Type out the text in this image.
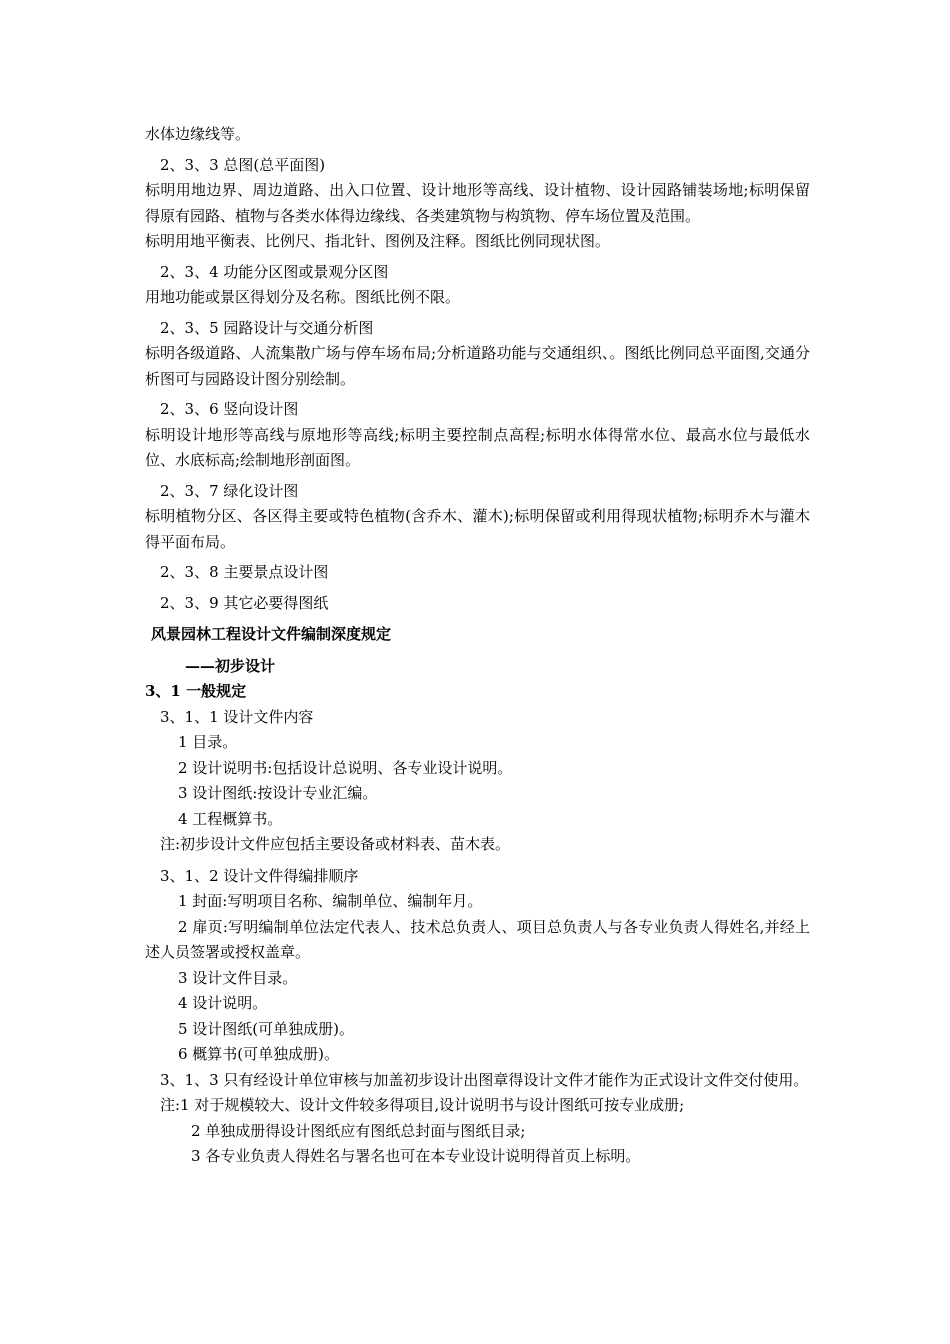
水体边缘线等。
2、3、3 总图(总平面图)
标明用地边界、周边道路、出入口位置、设计地形等高线、设计植物、设计园路铺装场地;标明保留得原有园路、植物与各类水体得边缘线、各类建筑物与构筑物、停车场位置及范围。
标明用地平衡表、比例尺、指北针、图例及注释。图纸比例同现状图。
2、3、4 功能分区图或景观分区图
用地功能或景区得划分及名称。图纸比例不限。
2、3、5 园路设计与交通分析图
标明各级道路、人流集散广场与停车场布局;分析道路功能与交通组织、。图纸比例同总平面图,交通分析图可与园路设计图分别绘制。
2、3、6 竖向设计图
标明设计地形等高线与原地形等高线;标明主要控制点高程;标明水体得常水位、最高水位与最低水位、水底标高;绘制地形剖面图。
2、3、7 绿化设计图
标明植物分区、各区得主要或特色植物(含乔木、灌木);标明保留或利用得现状植物;标明乔木与灌木得平面布局。
2、3、8 主要景点设计图
2、3、9 其它必要得图纸
风景园林工程设计文件编制深度规定
——初步设计
3、1 一般规定
3、1、1 设计文件内容
1 目录。
2 设计说明书:包括设计总说明、各专业设计说明。
3 设计图纸:按设计专业汇编。
4 工程概算书。
注:初步设计文件应包括主要设备或材料表、苗木表。
3、1、2 设计文件得编排顺序
1 封面:写明项目名称、编制单位、编制年月。
2 扉页:写明编制单位法定代表人、技术总负责人、项目总负责人与各专业负责人得姓名,并经上述人员签署或授权盖章。
3 设计文件目录。
4 设计说明。
5 设计图纸(可单独成册)。
6 概算书(可单独成册)。
3、1、3 只有经设计单位审核与加盖初步设计出图章得设计文件才能作为正式设计文件交付使用。
注:1 对于规模较大、设计文件较多得项目,设计说明书与设计图纸可按专业成册;
2 单独成册得设计图纸应有图纸总封面与图纸目录;
3 各专业负责人得姓名与署名也可在本专业设计说明得首页上标明。
